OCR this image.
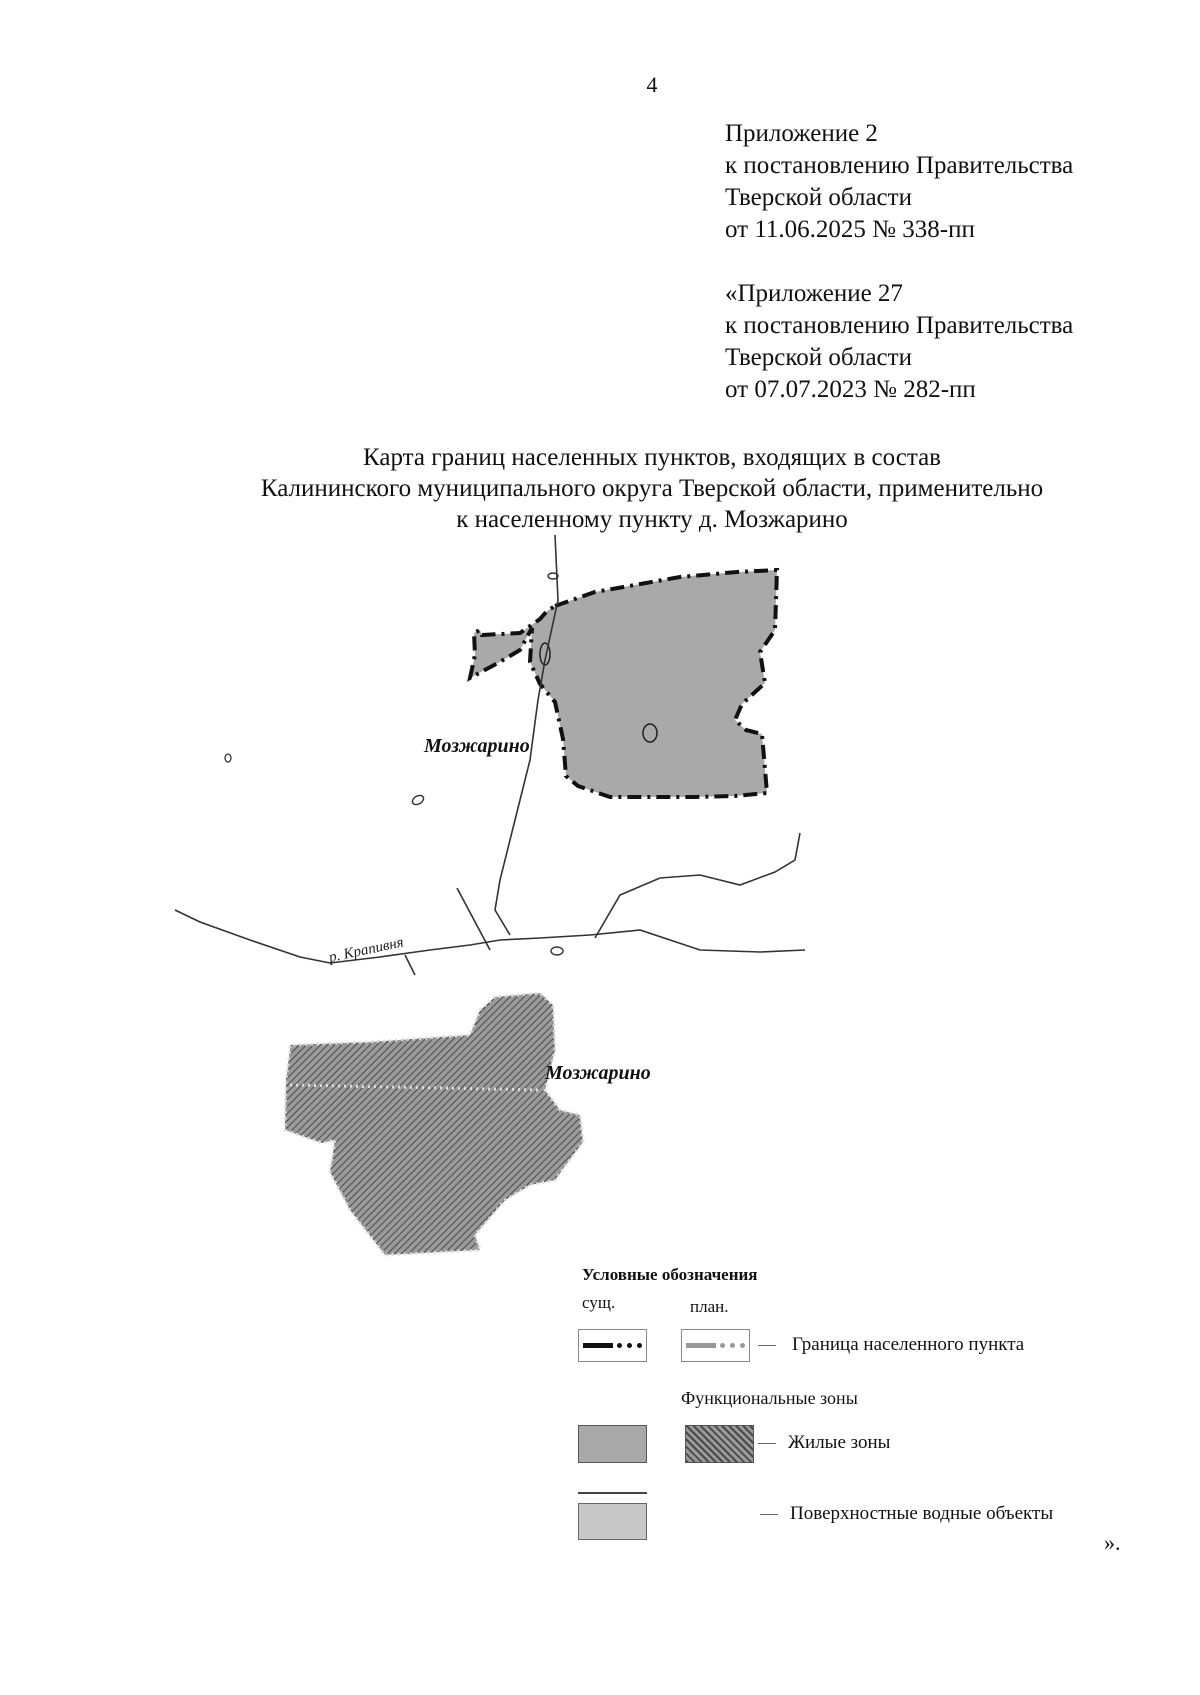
4
Приложение 2
к постановлению Правительства
Тверской области
от 11.06.2025 № 338-пп
«Приложение 27
к постановлению Правительства
Тверской области
от 07.07.2023 № 282-пп
Карта границ населенных пунктов, входящих в состав
Калининского муниципального округа Тверской области, применительно
к населенному пункту д. Мозжарино
Мозжарино
Мозжарино
р. Крапивня
Условные обозначения
сущ.	план.
Граница населенного пункта
Функциональные зоны
Жилые зоны
Поверхностные водные объекты
».
